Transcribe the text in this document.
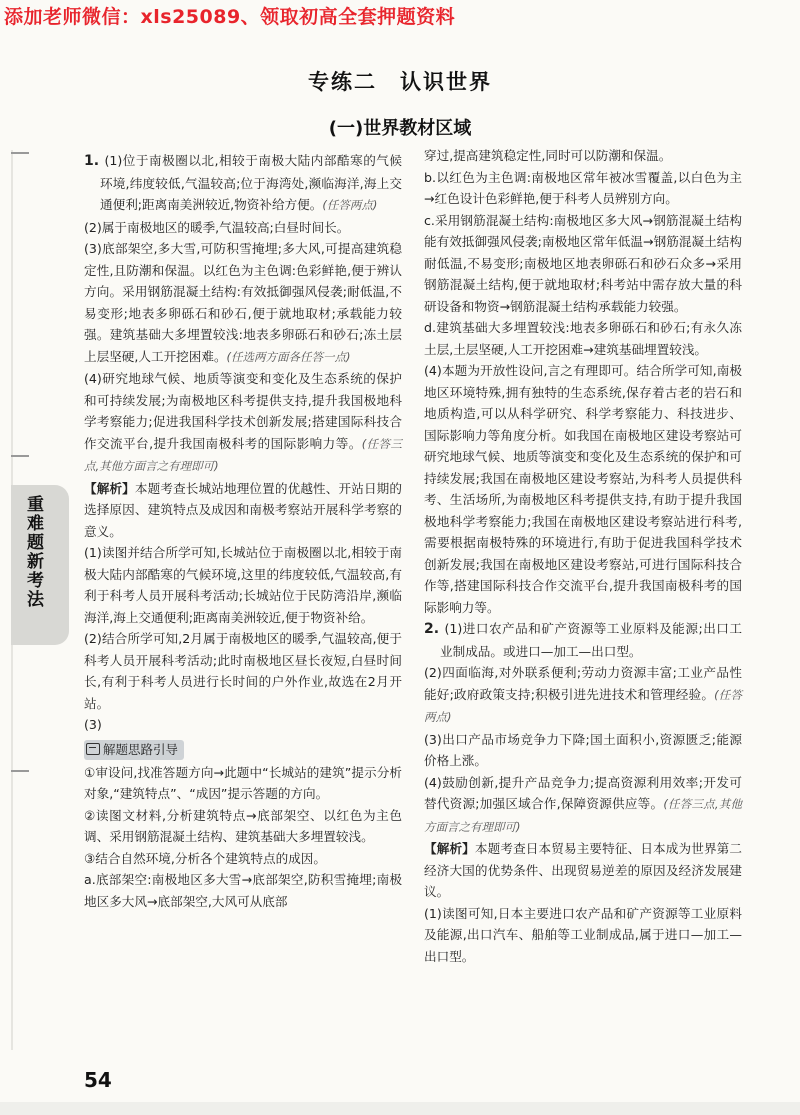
添加老师微信：xls25089、领取初高全套押题资料
重难题新考法
专练二　认识世界
(一)世界教材区域

1. (1)位于南极圈以北,相较于南极大陆内部酷寒的气候环境,纬度较低,气温较高;位于海湾处,濒临海洋,海上交通便利;距离南美洲较近,物资补给方便。(任答两点)

(2)属于南极地区的暖季,气温较高;白昼时间长。

(3)底部架空,多大雪,可防积雪掩埋;多大风,可提高建筑稳定性,且防潮和保温。以红色为主色调:色彩鲜艳,便于辨认方向。采用钢筋混凝土结构:有效抵御强风侵袭;耐低温,不易变形;地表多卵砾石和砂石,便于就地取材;承载能力较强。建筑基础大多埋置较浅:地表多卵砾石和砂石;冻土层上层坚硬,人工开挖困难。(任选两方面各任答一点)

(4)研究地球气候、地质等演变和变化及生态系统的保护和可持续发展;为南极地区科考提供支持,提升我国极地科学考察能力;促进我国科学技术创新发展;搭建国际科技合作交流平台,提升我国南极科考的国际影响力等。(任答三点,其他方面言之有理即可)

【解析】本题考查长城站地理位置的优越性、开站日期的选择原因、建筑特点及成因和南极考察站开展科学考察的意义。

(1)读图并结合所学可知,长城站位于南极圈以北,相较于南极大陆内部酷寒的气候环境,这里的纬度较低,气温较高,有利于科考人员开展科考活动;长城站位于民防湾沿岸,濒临海洋,海上交通便利;距离南美洲较近,便于物资补给。

(2)结合所学可知,2月属于南极地区的暖季,气温较高,便于科考人员开展科考活动;此时南极地区昼长夜短,白昼时间长,有利于科考人员进行长时间的户外作业,故选在2月开站。

(3)

解题思路引导

①审设问,找准答题方向→此题中“长城站的建筑”提示分析对象,“建筑特点”、“成因”提示答题的方向。

②读图文材料,分析建筑特点→底部架空、以红色为主色调、采用钢筋混凝土结构、建筑基础大多埋置较浅。

③结合自然环境,分析各个建筑特点的成因。

a.底部架空:南极地区多大雪→底部架空,防积雪掩埋;南极地区多大风→底部架空,大风可从底部

穿过,提高建筑稳定性,同时可以防潮和保温。

b.以红色为主色调:南极地区常年被冰雪覆盖,以白色为主→红色设计色彩鲜艳,便于科考人员辨别方向。

c.采用钢筋混凝土结构:南极地区多大风→钢筋混凝土结构能有效抵御强风侵袭;南极地区常年低温→钢筋混凝土结构耐低温,不易变形;南极地区地表卵砾石和砂石众多→采用钢筋混凝土结构,便于就地取材;科考站中需存放大量的科研设备和物资→钢筋混凝土结构承载能力较强。

d.建筑基础大多埋置较浅:地表多卵砾石和砂石;有永久冻土层,土层坚硬,人工开挖困难→建筑基础埋置较浅。

(4)本题为开放性设问,言之有理即可。结合所学可知,南极地区环境特殊,拥有独特的生态系统,保存着古老的岩石和地质构造,可以从科学研究、科学考察能力、科技进步、国际影响力等角度分析。如我国在南极地区建设考察站可研究地球气候、地质等演变和变化及生态系统的保护和可持续发展;我国在南极地区建设考察站,为科考人员提供科考、生活场所,为南极地区科考提供支持,有助于提升我国极地科学考察能力;我国在南极地区建设考察站进行科考,需要根据南极特殊的环境进行,有助于促进我国科学技术创新发展;我国在南极地区建设考察站,可进行国际科技合作等,搭建国际科技合作交流平台,提升我国南极科考的国际影响力等。

2. (1)进口农产品和矿产资源等工业原料及能源;出口工业制成品。或进口—加工—出口型。

(2)四面临海,对外联系便利;劳动力资源丰富;工业产品性能好;政府政策支持;积极引进先进技术和管理经验。(任答两点)

(3)出口产品市场竞争力下降;国土面积小,资源匮乏;能源价格上涨。

(4)鼓励创新,提升产品竞争力;提高资源利用效率;开发可替代资源;加强区域合作,保障资源供应等。(任答三点,其他方面言之有理即可)

【解析】本题考查日本贸易主要特征、日本成为世界第二经济大国的优势条件、出现贸易逆差的原因及经济发展建议。

(1)读图可知,日本主要进口农产品和矿产资源等工业原料及能源,出口汽车、船舶等工业制成品,属于进口—加工—出口型。

54
